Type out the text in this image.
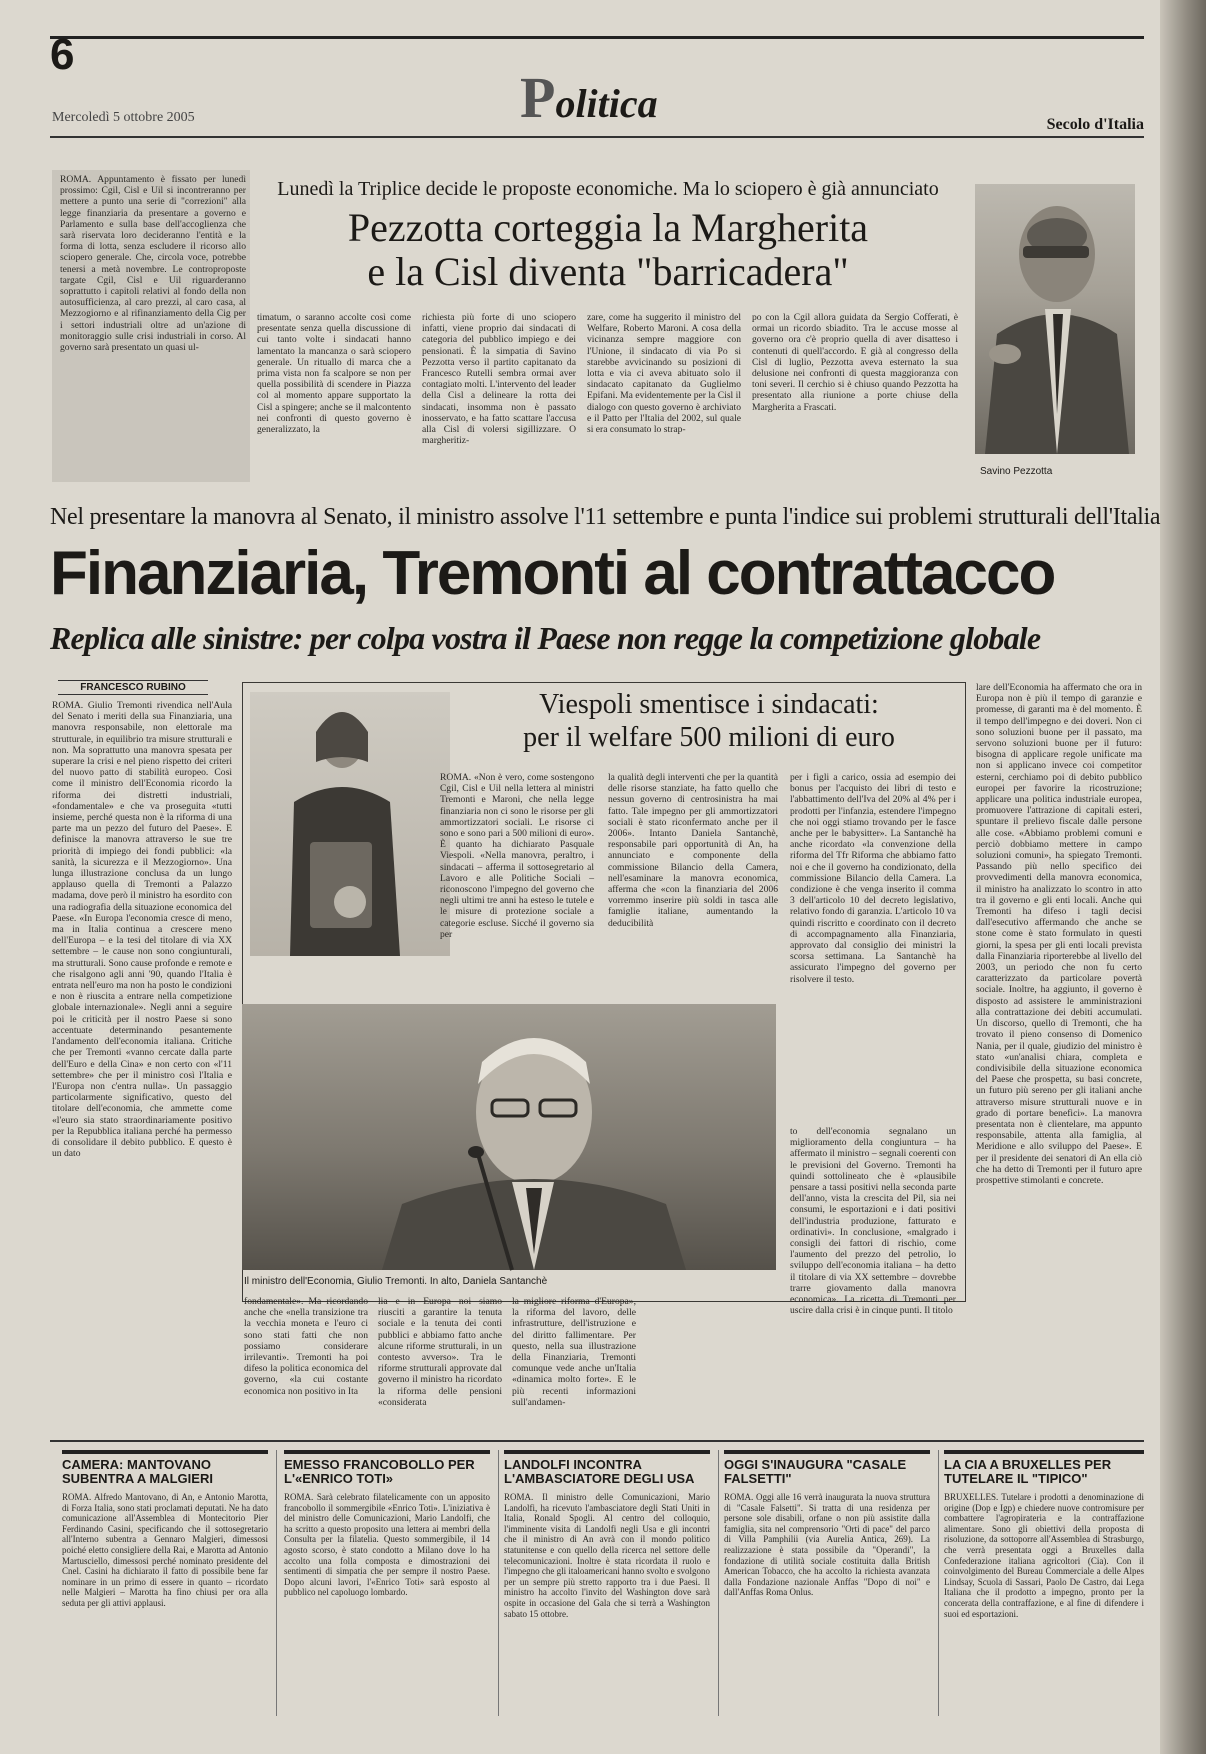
6
Politica
Mercoledì 5 ottobre 2005	Secolo d'Italia
ROMA. Appuntamento è fissato per lunedì prossimo: Cgil, Cisl e Uil si incontreranno per mettere a punto una serie di "correzioni" alla legge finanziaria da presentare a governo e Parlamento e sulla base dell'accoglienza che sarà riservata loro decideranno l'entità e la forma di lotta, senza escludere il ricorso allo sciopero generale. Che, circola voce, potrebbe tenersi a metà novembre. Le controproposte targate Cgil, Cisl e Uil riguarderanno soprattutto i capitoli relativi al fondo della non autosufficienza, al caro prezzi, al caro casa, al Mezzogiorno e al rifinanziamento della Cig per i settori industriali oltre ad un'azione di monitoraggio sulle crisi industriali in corso. Al governo sarà presentato un quasi ul-
Lunedì la Triplice decide le proposte economiche. Ma lo sciopero è già annunciato
Pezzotta corteggia la Margherita
e la Cisl diventa "barricadera"
timatum, o saranno accolte così come presentate senza quella discussione di cui tanto volte i sindacati hanno lamentato la mancanza o sarà sciopero generale. Un rituallo di marca che a prima vista non fa scalpore se non per quella possibilità di scendere in Piazza col al momento appare supportato la Cisl a spingere; anche se il malcontento nei confronti di questo governo è generalizzato, la
richiesta più forte di uno sciopero infatti, viene proprio dai sindacati di categoria del pubblico impiego e dei pensionati. È la simpatia di Savino Pezzotta verso il partito capitanato da Francesco Rutelli sembra ormai aver contagiato molti. L'intervento del leader della Cisl a delineare la rotta dei sindacati, insomma non è passato inosservato, e ha fatto scattare l'accusa alla Cisl di volersi sigillizzare. O margheritiz-
zare, come ha suggerito il ministro del Welfare, Roberto Maroni. A cosa della vicinanza sempre maggiore con l'Unione, il sindacato di via Po si starebbe avvicinando su posizioni di lotta e via ci aveva abituato solo il sindacato capitanato da Guglielmo Epifani. Ma evidentemente per la Cisl il dialogo con questo governo è archiviato e il Patto per l'Italia del 2002, sul quale si era consumato lo strap-
po con la Cgil allora guidata da Sergio Cofferati, è ormai un ricordo sbiadito. Tra le accuse mosse al governo ora c'è proprio quella di aver disatteso i contenuti di quell'accordo. E già al congresso della Cisl di luglio, Pezzotta aveva esternato la sua delusione nei confronti di questa maggioranza con toni severi. Il cerchio si è chiuso quando Pezzotta ha presentato alla riunione a porte chiuse della Margherita a Frascati.
Savino Pezzotta
Nel presentare la manovra al Senato, il ministro assolve l'11 settembre e punta l'indice sui problemi strutturali dell'Italia
Finanziaria, Tremonti al contrattacco
Replica alle sinistre: per colpa vostra il Paese non regge la competizione globale
FRANCESCO RUBINO
ROMA. Giulio Tremonti rivendica nell'Aula del Senato i meriti della sua Finanziaria, una manovra responsabile, non elettorale ma strutturale, in equilibrio tra misure strutturali e non. Ma soprattutto una manovra spesata per superare la crisi e nel pieno rispetto dei criteri del nuovo patto di stabilità europeo. Così come il ministro dell'Economia ricordo la riforma dei distretti industriali, «fondamentale» e che va proseguita «tutti insieme, perché questa non è la riforma di una parte ma un pezzo del futuro del Paese». E definisce la manovra attraverso le sue tre priorità di impiego dei fondi pubblici: «la sanità, la sicurezza e il Mezzogiorno». Una lunga illustrazione conclusa da un lungo applauso quella di Tremonti a Palazzo madama, dove però il ministro ha esordito con una radiografia della situazione economica del Paese. «In Europa l'economia cresce di meno, ma in Italia continua a crescere meno dell'Europa – e la tesi del titolare di via XX settembre – le cause non sono congiunturali, ma strutturali. Sono cause profonde e remote e che risalgono agli anni '90, quando l'Italia è entrata nell'euro ma non ha posto le condizioni e non è riuscita a entrare nella competizione globale internazionale». Negli anni a seguire poi le criticità per il nostro Paese si sono accentuate determinando pesantemente l'andamento dell'economia italiana. Critiche che per Tremonti «vanno cercate dalla parte dell'Euro e della Cina» e non certo con «l'11 settembre» che per il ministro così l'Italia e l'Europa non c'entra nulla». Un passaggio particolarmente significativo, questo del titolare dell'economia, che ammette come «l'euro sia stato straordinariamente positivo per la Repubblica italiana perché ha permesso di consolidare il debito pubblico. E questo è un dato
Viespoli smentisce i sindacati:
per il welfare 500 milioni di euro
ROMA. «Non è vero, come sostengono Cgil, Cisl e Uil nella lettera al ministri Tremonti e Maroni, che nella legge finanziaria non ci sono le risorse per gli ammortizzatori sociali. Le risorse ci sono e sono pari a 500 milioni di euro». È quanto ha dichiarato Pasquale Viespoli. «Nella manovra, peraltro, i sindacati – afferma il sottosegretario al Lavoro e alle Politiche Sociali – riconoscono l'impegno del governo che negli ultimi tre anni ha esteso le tutele e le misure di protezione sociale a categorie escluse. Sicché il governo sia per
la qualità degli interventi che per la quantità delle risorse stanziate, ha fatto quello che nessun governo di centrosinistra ha mai fatto. Tale impegno per gli ammortizzatori sociali è stato riconfermato anche per il 2006». Intanto Daniela Santanchè, responsabile pari opportunità di An, ha annunciato e componente della commissione Bilancio della Camera, nell'esaminare la manovra economica, afferma che «con la finanziaria del 2006 vorremmo inserire più soldi in tasca alle famiglie italiane, aumentando la deducibilità
per i figli a carico, ossia ad esempio dei bonus per l'acquisto dei libri di testo e l'abbattimento dell'Iva del 20% al 4% per i prodotti per l'infanzia, estendere l'impegno che noi oggi stiamo trovando per le fasce anche per le babysitter». La Santanchè ha anche ricordato «la convenzione della riforma del Tfr Riforma che abbiamo fatto noi e che il governo ha condizionato, della commissione Bilancio della Camera. La condizione è che venga inserito il comma 3 dell'articolo 10 del decreto legislativo, relativo fondo di garanzia. L'articolo 10 va quindi riscritto e coordinato con il decreto di accompagnamento alla Finanziaria, approvato dal consiglio dei ministri la scorsa settimana. La Santanchè ha assicurato l'impegno del governo per risolvere il testo.
to dell'economia segnalano un miglioramento della congiuntura – ha affermato il ministro – segnali coerenti con le previsioni del Governo. Tremonti ha quindi sottolineato che è «plausibile pensare a tassi positivi nella seconda parte dell'anno, vista la crescita del Pil, sia nei consumi, le esportazioni e i dati positivi dell'industria produzione, fatturato e ordinativi». In conclusione, «malgrado i consigli dei fattori di rischio, come l'aumento del prezzo del petrolio, lo sviluppo dell'economia italiana – ha detto il titolare di via XX settembre – dovrebbe trarre giovamento dalla manovra economica». La ricetta di Tremonti per uscire dalla crisi è in cinque punti. Il titolo
Il ministro dell'Economia, Giulio Tremonti. In alto, Daniela Santanchè
fondamentale». Ma ricordando anche che «nella transizione tra la vecchia moneta e l'euro ci sono stati fatti che non possiamo considerare irrilevanti». Tremonti ha poi difeso la politica economica del governo, «la cui costante economica non positivo in Ita
lia e in Europa noi siamo riusciti a garantire la tenuta sociale e la tenuta dei conti pubblici e abbiamo fatto anche alcune riforme strutturali, in un contesto avverso». Tra le riforme strutturali approvate dal governo il ministro ha ricordato la riforma delle pensioni «considerata
la migliore riforma d'Europa», la riforma del lavoro, delle infrastrutture, dell'istruzione e del diritto fallimentare. Per questo, nella sua illustrazione della Finanziaria, Tremonti comunque vede anche un'Italia «dinamica molto forte». E le più recenti informazioni sull'andamen-
lare dell'Economia ha affermato che ora in Europa non è più il tempo di garanzie e promesse, di garanti ma è del momento. È il tempo dell'impegno e dei doveri. Non ci sono soluzioni buone per il passato, ma servono soluzioni buone per il futuro: bisogna di applicare regole unificate ma non si applicano invece coi competitor esterni, cerchiamo poi di debito pubblico europei per favorire la ricostruzione; applicare una politica industriale europea, promuovere l'attrazione di capitali esteri, spuntare il prelievo fiscale dalle persone alle cose. «Abbiamo problemi comuni e perciò dobbiamo mettere in campo soluzioni comuni», ha spiegato Tremonti. Passando più nello specifico dei provvedimenti della manovra economica, il ministro ha analizzato lo scontro in atto tra il governo e gli enti locali. Anche qui Tremonti ha difeso i tagli decisi dall'esecutivo affermando che anche se stone come è stato formulato in questi giorni, la spesa per gli enti locali prevista dalla Finanziaria riporterebbe al livello del 2003, un periodo che non fu certo caratterizzato da particolare povertà sociale. Inoltre, ha aggiunto, il governo è disposto ad assistere le amministrazioni alla contrattazione dei debiti accumulati. Un discorso, quello di Tremonti, che ha trovato il pieno consenso di Domenico Nania, per il quale, giudizio del ministro è stato «un'analisi chiara, completa e condivisibile della situazione economica del Paese che prospetta, su basi concrete, un futuro più sereno per gli italiani anche attraverso misure strutturali nuove e in grado di portare benefici». La manovra presentata non è clientelare, ma appunto responsabile, attenta alla famiglia, al Meridione e allo sviluppo del Paese». E per il presidente dei senatori di An ella ciò che ha detto di Tremonti per il futuro apre prospettive stimolanti e concrete.
CAMERA: MANTOVANO SUBENTRA A MALGIERI
ROMA. Alfredo Mantovano, di An, e Antonio Marotta, di Forza Italia, sono stati proclamati deputati. Ne ha dato comunicazione all'Assemblea di Montecitorio Pier Ferdinando Casini, specificando che il sottosegretario all'Interno subentra a Gennaro Malgieri, dimessosi poiché eletto consigliere della Rai, e Marotta ad Antonio Martusciello, dimessosi perché nominato presidente del Cnel. Casini ha dichiarato il fatto di possibile bene far nominare in un primo di essere in quanto – ricordato nelle Malgieri – Marotta ha fino chiusi per ora alla seduta per gli attivi applausi.
EMESSO FRANCOBOLLO PER L'«ENRICO TOTI»
ROMA. Sarà celebrato filatelicamente con un apposito francobollo il sommergibile «Enrico Toti». L'iniziativa è del ministro delle Comunicazioni, Mario Landolfi, che ha scritto a questo proposito una lettera ai membri della Consulta per la filatelia. Questo sommergibile, il 14 agosto scorso, è stato condotto a Milano dove lo ha accolto una folla composta e dimostrazioni dei sentimenti di simpatia che per sempre il nostro Paese. Dopo alcuni lavori, l'«Enrico Toti» sarà esposto al pubblico nel capoluogo lombardo.
LANDOLFI INCONTRA L'AMBASCIATORE DEGLI USA
ROMA. Il ministro delle Comunicazioni, Mario Landolfi, ha ricevuto l'ambasciatore degli Stati Uniti in Italia, Ronald Spogli. Al centro del colloquio, l'imminente visita di Landolfi negli Usa e gli incontri che il ministro di An avrà con il mondo politico statunitense e con quello della ricerca nel settore delle telecomunicazioni. Inoltre è stata ricordata il ruolo e l'impegno che gli italoamericani hanno svolto e svolgono per un sempre più stretto rapporto tra i due Paesi. Il ministro ha accolto l'invito del Washington dove sarà ospite in occasione del Gala che si terrà a Washington sabato 15 ottobre.
OGGI S'INAUGURA "CASALE FALSETTI"
ROMA. Oggi alle 16 verrà inaugurata la nuova struttura di "Casale Falsetti". Si tratta di una residenza per persone sole disabili, orfane o non più assistite dalla famiglia, sita nel comprensorio "Orti di pace" del parco di Villa Pamphilii (via Aurelia Antica, 269). La realizzazione è stata possibile da "Operandi", la fondazione di utilità sociale costituita dalla British American Tobacco, che ha accolto la richiesta avanzata dalla Fondazione nazionale Anffas "Dopo di noi" e dall'Anffas Roma Onlus.
LA CIA A BRUXELLES PER TUTELARE IL "TIPICO"
BRUXELLES. Tutelare i prodotti a denominazione di origine (Dop e Igp) e chiedere nuove contromisure per combattere l'agropirateria e la contraffazione alimentare. Sono gli obiettivi della proposta di risoluzione, da sottoporre all'Assemblea di Strasburgo, che verrà presentata oggi a Bruxelles dalla Confederazione italiana agricoltori (Cia). Con il coinvolgimento del Bureau Commerciale a delle Alpes Lindsay, Scuola di Sassari, Paolo De Castro, dai Lega Italiana che il prodotto a impegno, pronto per la concerata della contraffazione, e al fine di difendere i suoi ed esportazioni.
